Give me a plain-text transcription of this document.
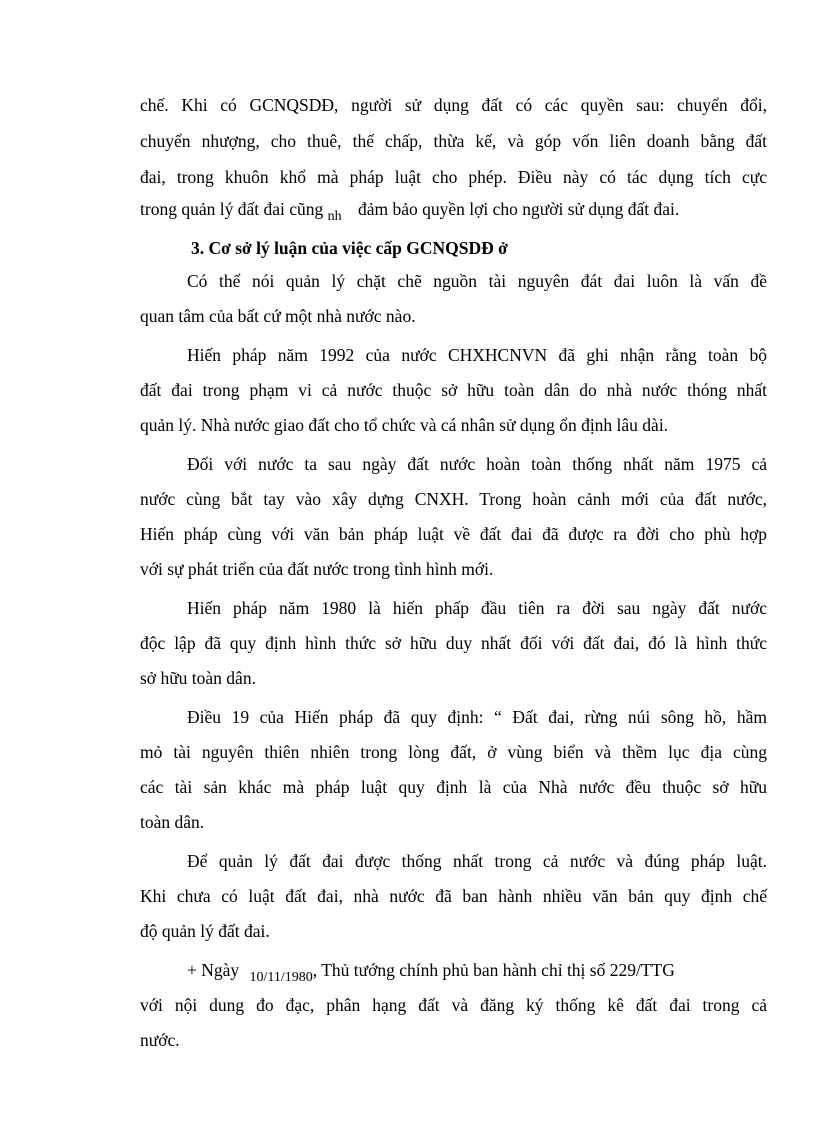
chế. Khi có GCNQSDĐ, người sử dụng đất có các quyền sau: chuyển đổi,
chuyển nhượng, cho thuê, thế chấp, thừa kế, và góp vốn liên doanh bằng đất
đai, trong khuôn khổ mà pháp luật cho phép. Điều này có tác dụng tích cực
trong quản lý đất đai cũng $_{nh}$ đảm bảo quyền lợi cho người sử dụng đất đai.
3. Cơ sở lý luận của việc cấp GCNQSDĐ ở
Có thể nói quản lý chặt chẽ nguồn tài nguyên đát đai luôn là vấn đề
quan tâm của bất cứ một nhà nước nào.
Hiến pháp năm 1992 của nước CHXHCNVN đã ghi nhận rằng toàn bộ
đất đai trong phạm vi cả nước thuộc sở hữu toàn dân do nhà nước thóng nhất
quản lý. Nhà nước giao đất cho tổ chức và cá nhân sử dụng ổn định lâu dài.
Đối với nước ta sau ngày đất nước hoàn toàn thống nhất năm 1975 cả
nước cùng bắt tay vào xây dựng CNXH. Trong hoàn cảnh mới của đất nước,
Hiến pháp cùng với văn bản pháp luật về đất đai đã được ra đời cho phù hợp
với sự phát triển của đất nước trong tình hình mới.
Hiến pháp năm 1980 là hiến phấp đầu tiên ra đời sau ngày đất nước
độc lập đã quy định hình thức sở hữu duy nhất đối với đất đai, đó là hình thức
sở hữu toàn dân.
Điều 19 của Hiến pháp đã quy định: “ Đất đai, rừng núi sông hồ, hầm
mỏ tài nguyên thiên nhiên trong lòng đất, ở vùng biển và thềm lục địa cùng
các tài sản khác mà pháp luật quy định là của Nhà nước đều thuộc sở hữu
toàn dân.
Để quản lý đất đai được thống nhất trong cả nước và đúng pháp luật.
Khi chưa có luật đất đai, nhà nước đã ban hành nhiều văn bản quy định chế
độ quản lý đất đai.
+ Ngày $_{10/11/1980}$, Thủ tướng chính phủ ban hành chỉ thị số 229/TTG
với nội dung đo đạc, phân hạng đất và đăng ký thống kê đất đai trong cả
nước.
